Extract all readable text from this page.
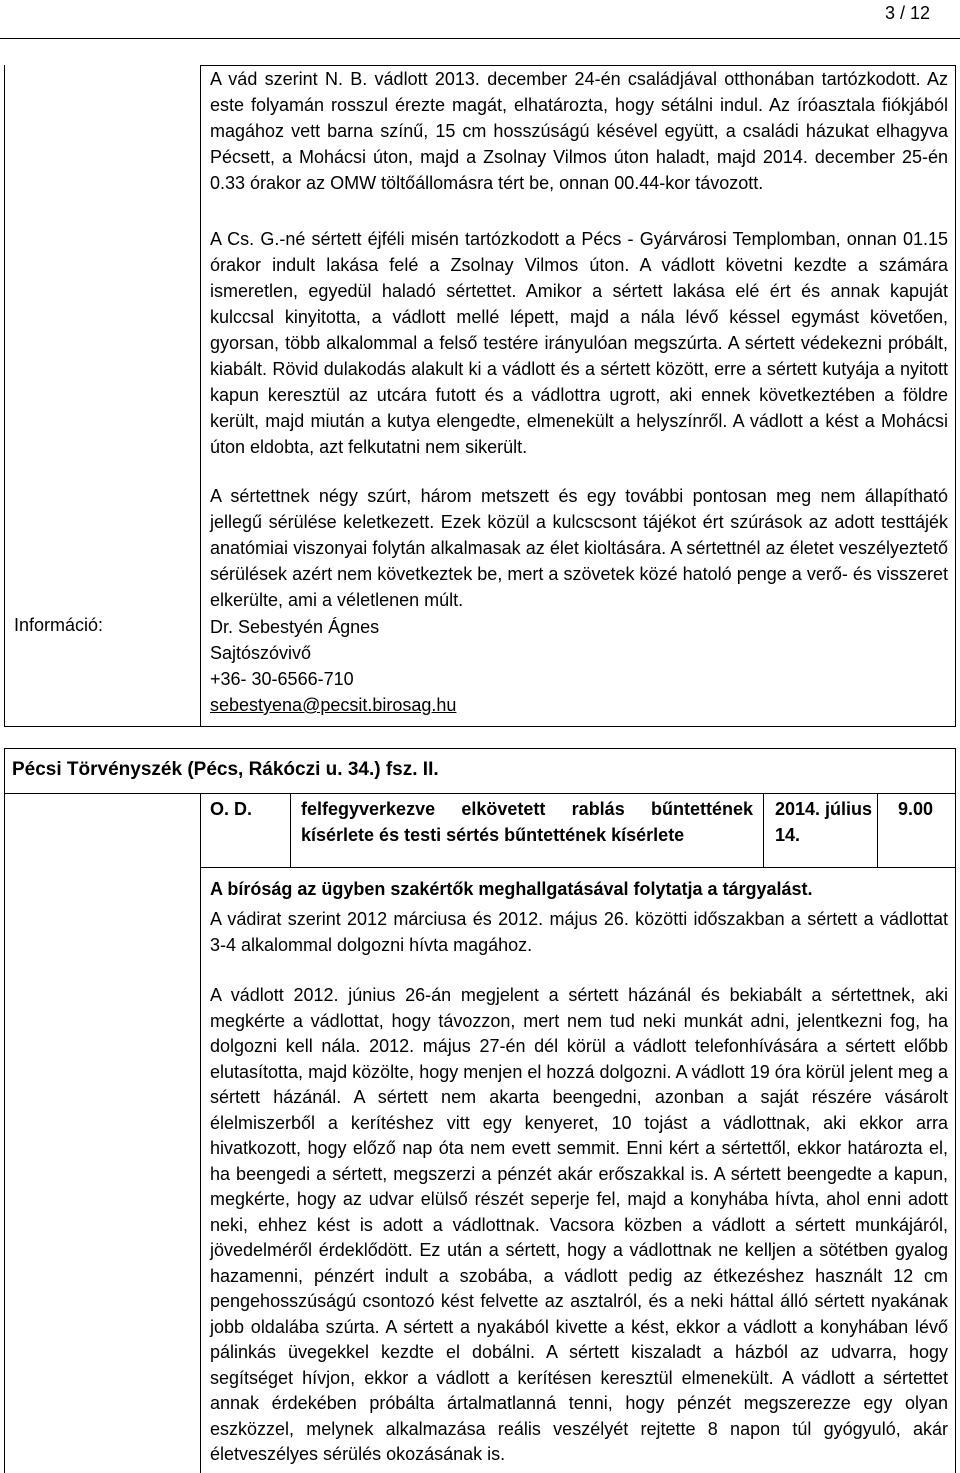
3 / 12

A vád szerint N. B. vádlott 2013. december 24-én családjával otthonában tartózkodott. Az este folyamán rosszul érezte magát, elhatározta, hogy sétálni indul. Az íróasztala fiókjából magához vett barna színű, 15 cm hosszúságú késével együtt, a családi házukat elhagyva Pécsett, a Mohácsi úton, majd a Zsolnay Vilmos úton haladt, majd 2014. december 25-én 0.33 órakor az OMW töltőállomásra tért be, onnan 00.44-kor távozott.

A Cs. G.-né sértett éjféli misén tartózkodott a Pécs - Gyárvárosi Templomban, onnan 01.15 órakor indult lakása felé a Zsolnay Vilmos úton. A vádlott követni kezdte a számára ismeretlen, egyedül haladó sértettet. Amikor a sértett lakása elé ért és annak kapuját kulccsal kinyitotta, a vádlott mellé lépett, majd a nála lévő késsel egymást követően, gyorsan, több alkalommal a felső testére irányulóan megszúrta. A sértett védekezni próbált, kiabált. Rövid dulakodás alakult ki a vádlott és a sértett között, erre a sértett kutyája a nyitott kapun keresztül az utcára futott és a vádlottra ugrott, aki ennek következtében a földre került, majd miután a kutya elengedte, elmenekült a helyszínről. A vádlott a kést a Mohácsi úton eldobta, azt felkutatni nem sikerült.

A sértettnek négy szúrt, három metszett és egy további pontosan meg nem állapítható jellegű sérülése keletkezett. Ezek közül a kulcscsont tájékot ért szúrások az adott testtájék anatómiai viszonyai folytán alkalmasak az élet kioltására. A sértettnél az életet veszélyeztető sérülések azért nem következtek be, mert a szövetek közé hatoló penge a verő- és visszeret elkerülte, ami a véletlenen múlt.

Információ:	Dr. Sebestyén Ágnes
Sajtószóvivő
+36- 30-6566-710
sebestyena@pecsit.birosag.hu
Pécsi Törvényszék (Pécs, Rákóczi u. 34.) fsz. II.
O. D.	felfegyverkezve elkövetett rablás bűntettének kísérlete és testi sértés bűntettének kísérlete
2014. július 14.
9.00

A bíróság az ügyben szakértők meghallgatásával folytatja a tárgyalást.

A vádirat szerint 2012 márciusa és 2012. május 26. közötti időszakban a sértett a vádlottat 3-4 alkalommal dolgozni hívta magához.

A vádlott 2012. június 26-án megjelent a sértett házánál és bekiabált a sértettnek, aki megkérte a vádlottat, hogy távozzon, mert nem tud neki munkát adni, jelentkezni fog, ha dolgozni kell nála. 2012. május 27-én dél körül a vádlott telefonhívására a sértett előbb elutasította, majd közölte, hogy menjen el hozzá dolgozni. A vádlott 19 óra körül jelent meg a sértett házánál. A sértett nem akarta beengedni, azonban a saját részére vásárolt élelmiszerből a kerítéshez vitt egy kenyeret, 10 tojást a vádlottnak, aki ekkor arra hivatkozott, hogy előző nap óta nem evett semmit. Enni kért a sértettől, ekkor határozta el, ha beengedi a sértett, megszerzi a pénzét akár erőszakkal is. A sértett beengedte a kapun, megkérte, hogy az udvar elülső részét seperje fel, majd a konyhába hívta, ahol enni adott neki, ehhez kést is adott a vádlottnak. Vacsora közben a vádlott a sértett munkájáról, jövedelméről érdeklődött. Ez után a sértett, hogy a vádlottnak ne kelljen a sötétben gyalog hazamenni, pénzért indult a szobába, a vádlott pedig az étkezéshez használt 12 cm pengehosszúságú csontozó kést felvette az asztalról, és a neki háttal álló sértett nyakának jobb oldalába szúrta. A sértett a nyakából kivette a kést, ekkor a vádlott a konyhában lévő pálinkás üvegekkel kezdte el dobálni. A sértett kiszaladt a házból az udvarra, hogy segítséget hívjon, ekkor a vádlott a kerítésen keresztül elmenekült. A vádlott a sértettet annak érdekében próbálta ártalmatlanná tenni, hogy pénzét megszerezze egy olyan eszközzel, melynek alkalmazása reális veszélyét rejtette 8 napon túl gyógyuló, akár életveszélyes sérülés okozásának is.
